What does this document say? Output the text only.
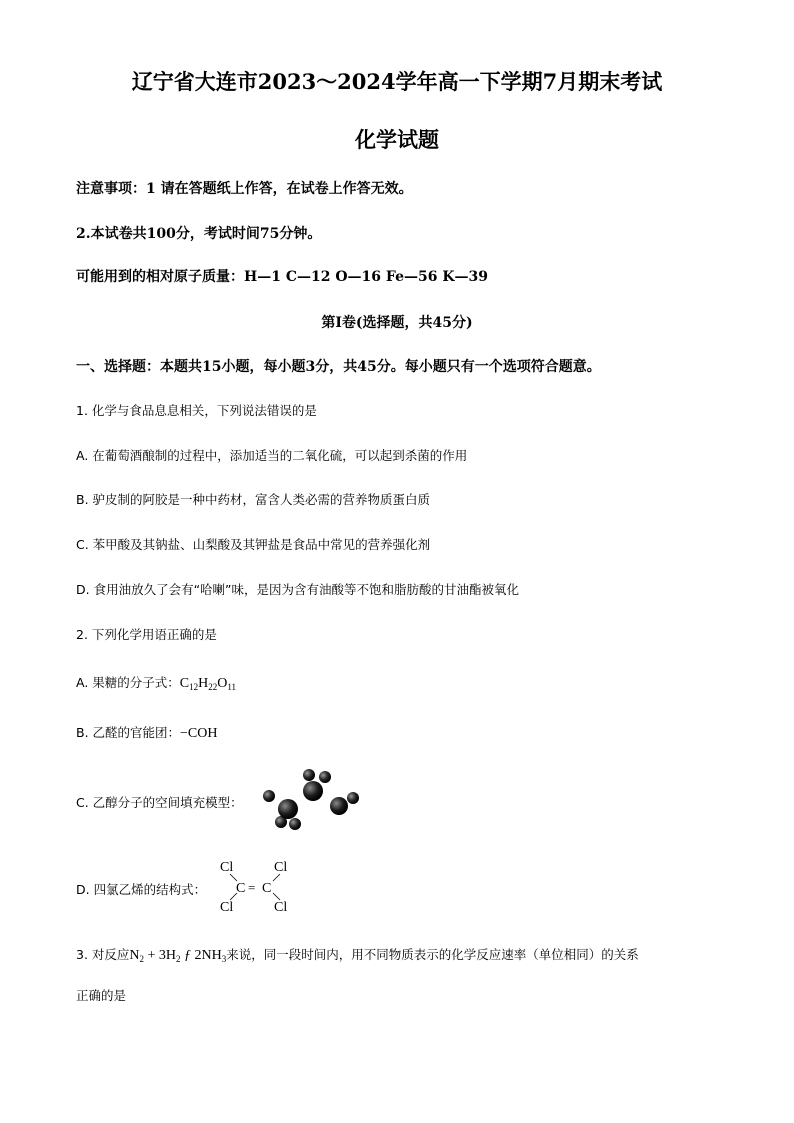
辽宁省大连市2023～2024学年高一下学期7月期末考试
化学试题
注意事项：1 请在答题纸上作答，在试卷上作答无效。
2.本试卷共100分，考试时间75分钟。
可能用到的相对原子质量：H—1 C—12 O—16 Fe—56 K—39
第Ⅰ卷(选择题，共45分)
一、选择题：本题共15小题，每小题3分，共45分。每小题只有一个选项符合题意。
1. 化学与食品息息相关，下列说法错误的是
A. 在葡萄酒酿制的过程中，添加适当的二氧化硫，可以起到杀菌的作用
B. 驴皮制的阿胶是一种中药材，富含人类必需的营养物质蛋白质
C. 苯甲酸及其钠盐、山梨酸及其钾盐是食品中常见的营养强化剂
D. 食用油放久了会有“哈喇”味，是因为含有油酸等不饱和脂肪酸的甘油酯被氧化
2. 下列化学用语正确的是
A. 果糖的分子式：$C_{12}H_{22}O_{11}$
B. 乙醛的官能团：−COH
C. 乙醇分子的空间填充模型：
D. 四氯乙烯的结构式：
Cl
Cl
Cl
Cl
C = C
3. 对反应$N_2 + 3H_2$ ƒ $2NH_3$来说，同一段时间内，用不同物质表示的化学反应速率（单位相同）的关系
正确的是
